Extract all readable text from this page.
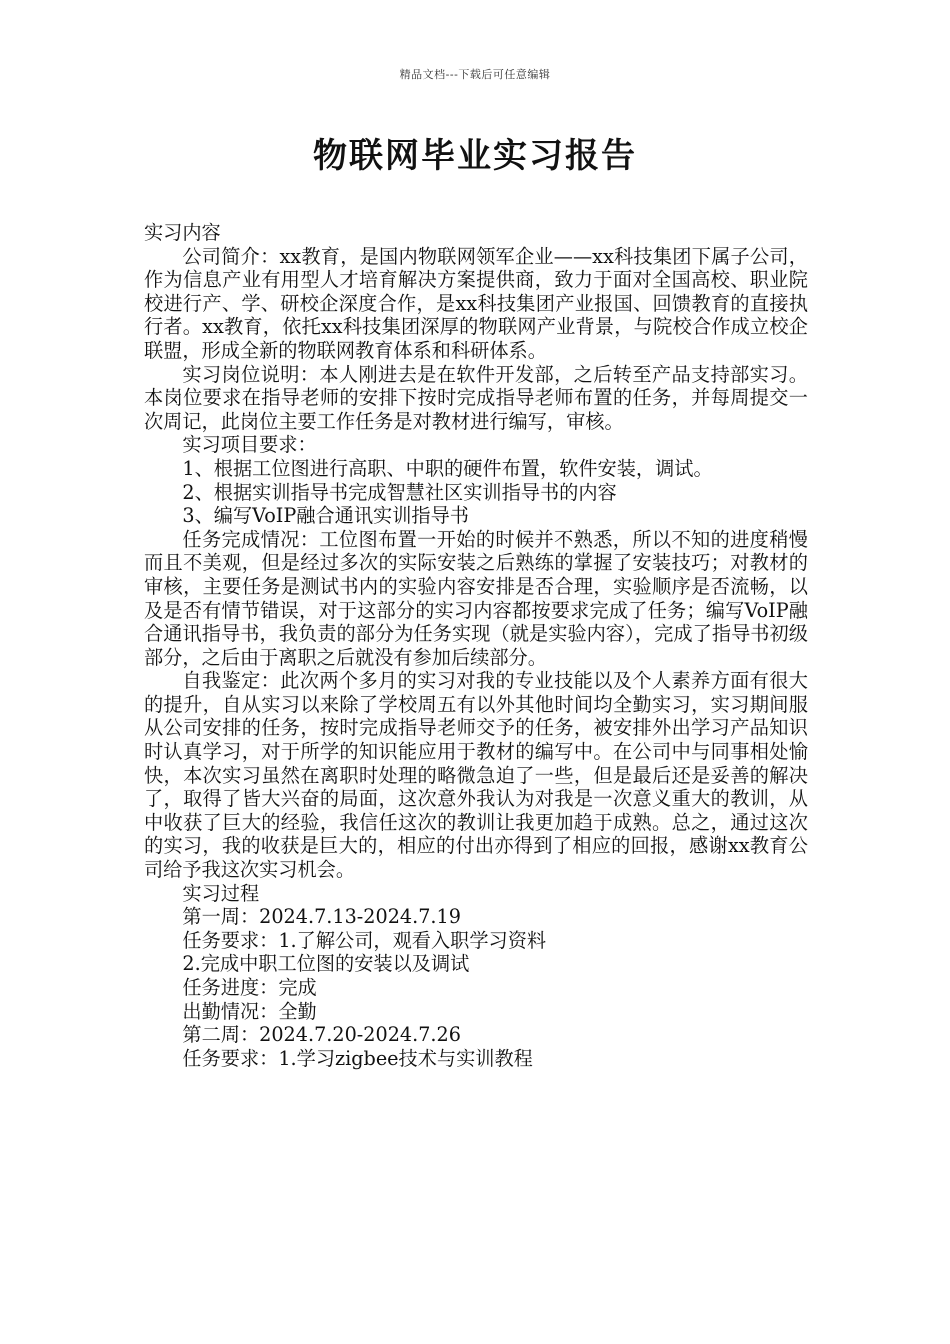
精品文档---下载后可任意编辑
物联网毕业实习报告

实习内容

公司简介：xx教育，是国内物联网领军企业——xx科技集团下属子公司，作为信息产业有用型人才培育解决方案提供商，致力于面对全国高校、职业院校进行产、学、研校企深度合作，是xx科技集团产业报国、回馈教育的直接执行者。xx教育，依托xx科技集团深厚的物联网产业背景，与院校合作成立校企联盟，形成全新的物联网教育体系和科研体系。

实习岗位说明：本人刚进去是在软件开发部，之后转至产品支持部实习。本岗位要求在指导老师的安排下按时完成指导老师布置的任务，并每周提交一次周记，此岗位主要工作任务是对教材进行编写，审核。

实习项目要求：

1、根据工位图进行高职、中职的硬件布置，软件安装，调试。

2、根据实训指导书完成智慧社区实训指导书的内容

3、编写VoIP融合通讯实训指导书

任务完成情况：工位图布置一开始的时候并不熟悉，所以不知的进度稍慢而且不美观，但是经过多次的实际安装之后熟练的掌握了安装技巧；对教材的审核，主要任务是测试书内的实验内容安排是否合理，实验顺序是否流畅，以及是否有情节错误，对于这部分的实习内容都按要求完成了任务；编写VoIP融合通讯指导书，我负责的部分为任务实现（就是实验内容），完成了指导书初级部分，之后由于离职之后就没有参加后续部分。

自我鉴定：此次两个多月的实习对我的专业技能以及个人素养方面有很大的提升，自从实习以来除了学校周五有以外其他时间均全勤实习，实习期间服从公司安排的任务，按时完成指导老师交予的任务，被安排外出学习产品知识时认真学习，对于所学的知识能应用于教材的编写中。在公司中与同事相处愉快，本次实习虽然在离职时处理的略微急迫了一些，但是最后还是妥善的解决了，取得了皆大兴奋的局面，这次意外我认为对我是一次意义重大的教训，从中收获了巨大的经验，我信任这次的教训让我更加趋于成熟。总之，通过这次的实习，我的收获是巨大的，相应的付出亦得到了相应的回报，感谢xx教育公司给予我这次实习机会。

实习过程

第一周：2024.7.13-2024.7.19

任务要求：1.了解公司，观看入职学习资料

2.完成中职工位图的安装以及调试

任务进度：完成

出勤情况：全勤

第二周：2024.7.20-2024.7.26

任务要求：1.学习zigbee技术与实训教程
